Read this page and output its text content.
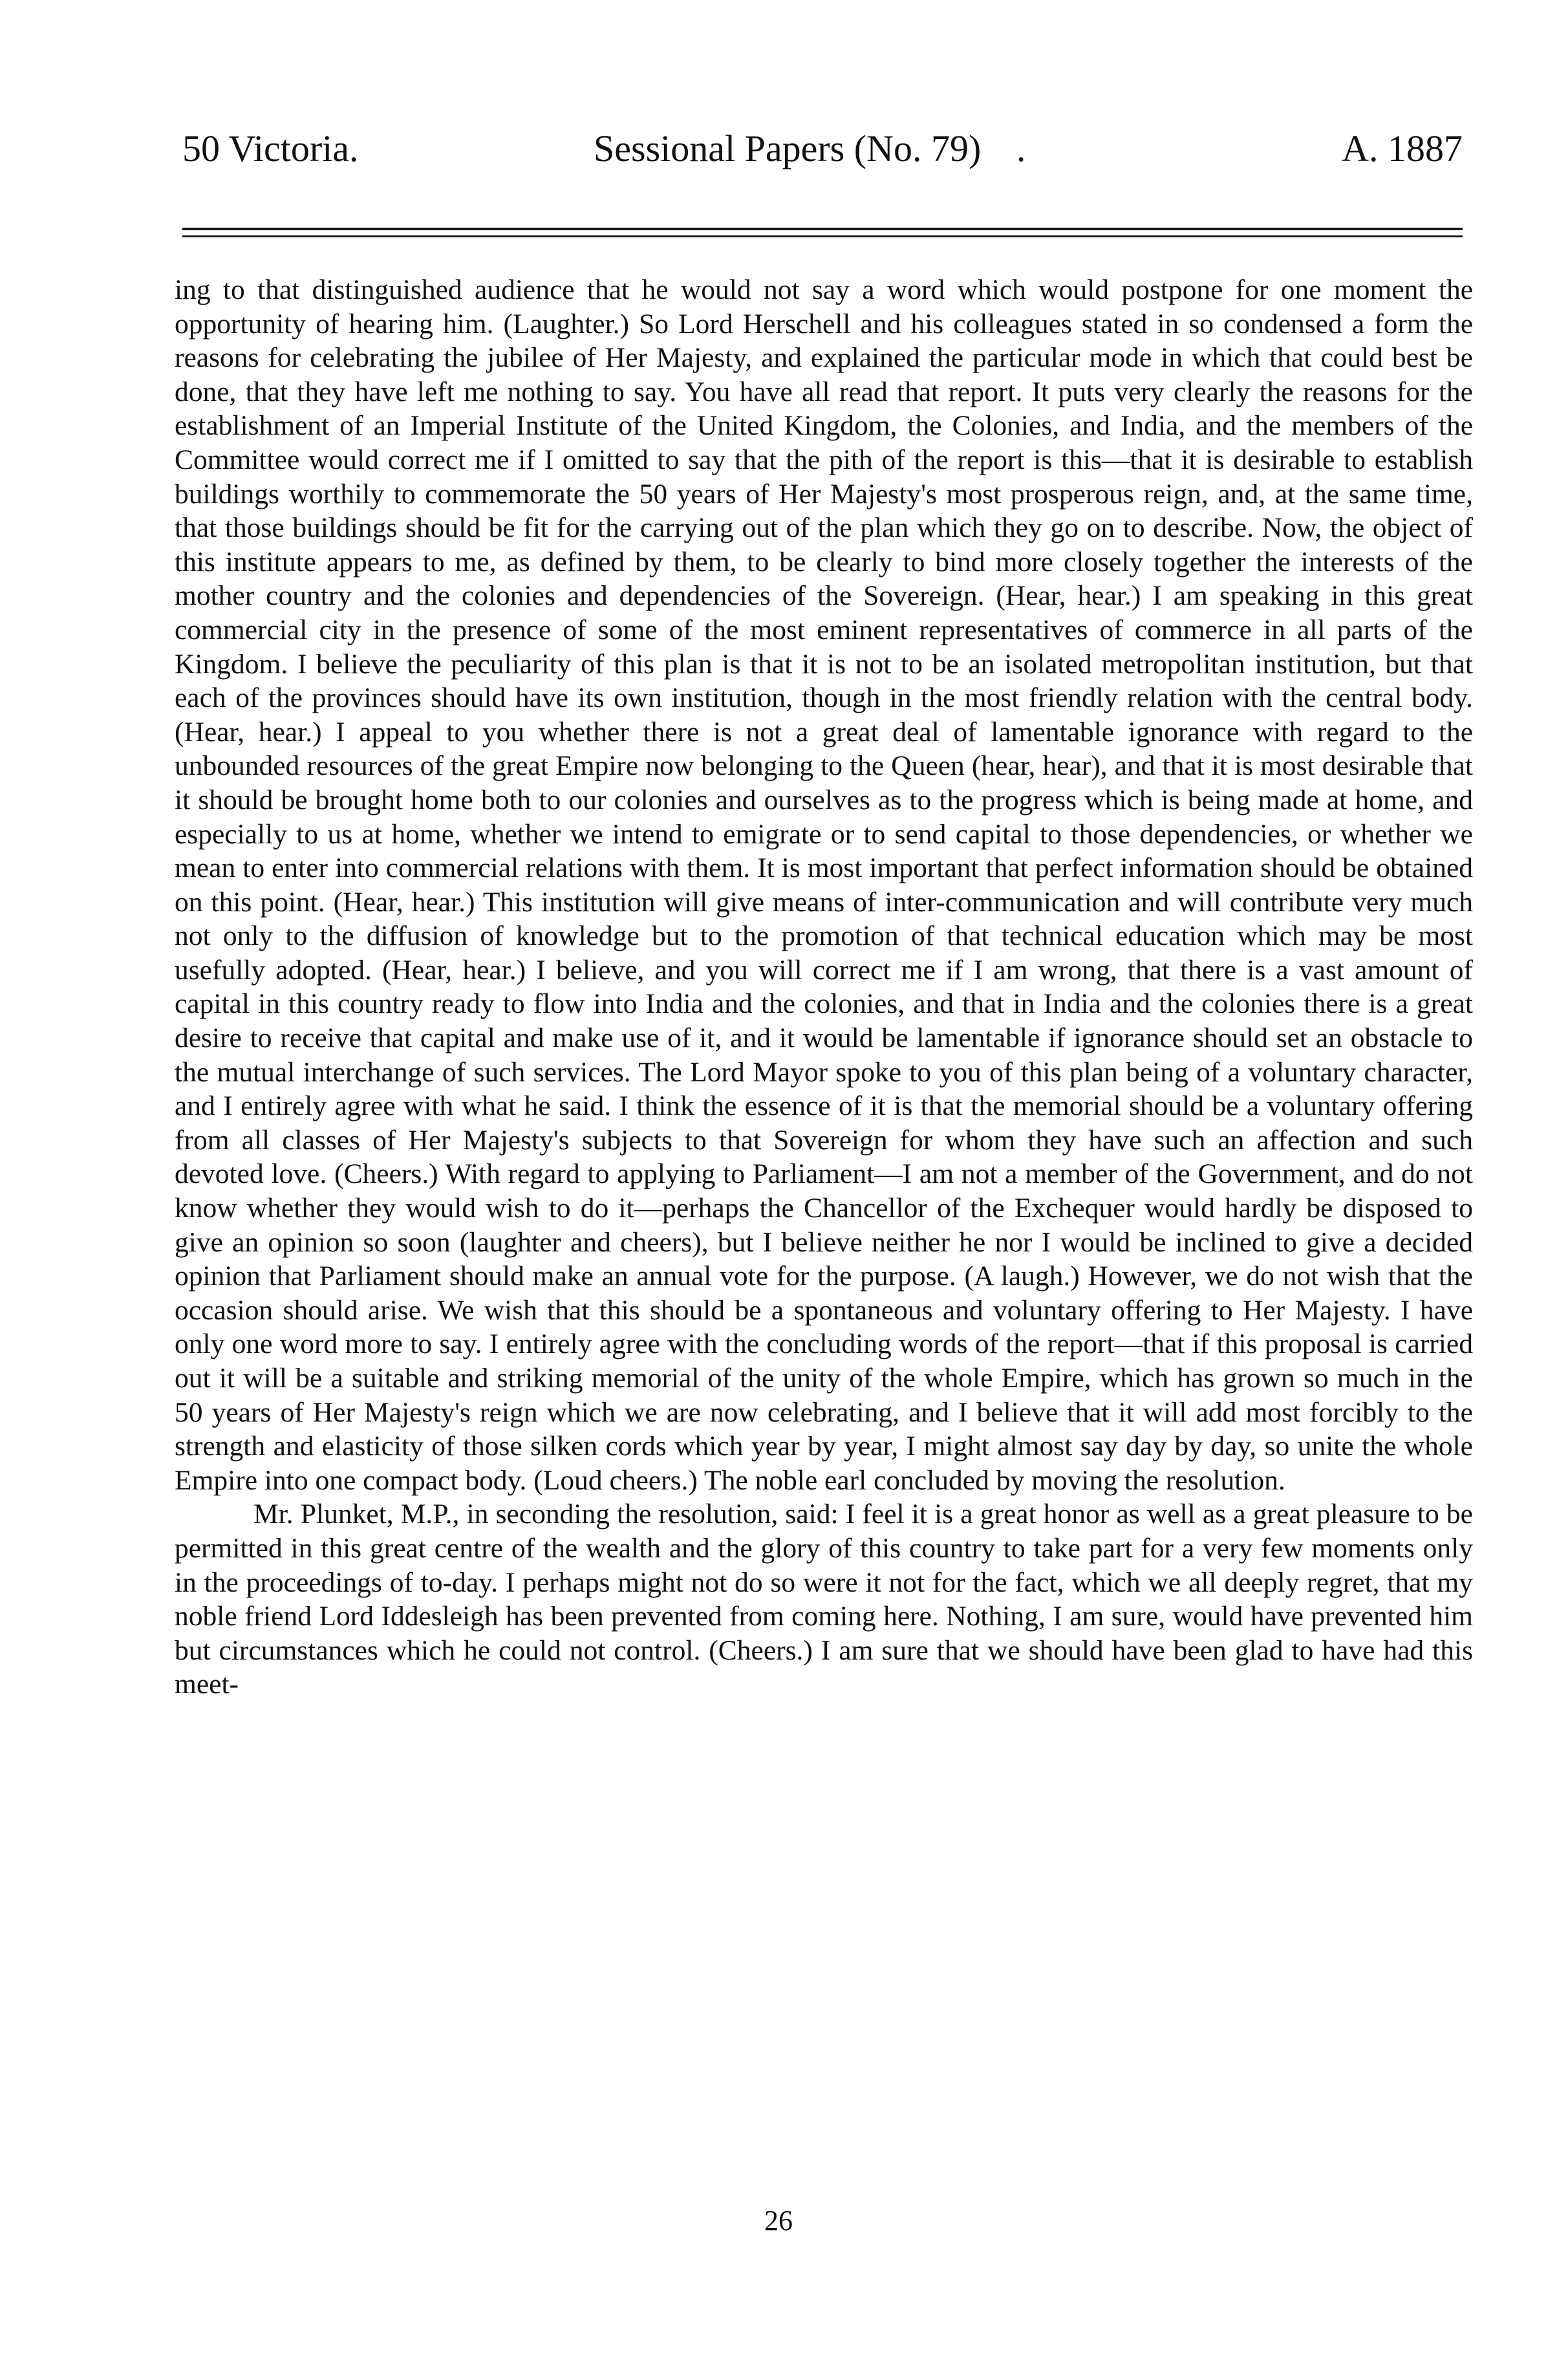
50 Victoria.	Sessional Papers (No. 79) .	A. 1887

ing to that distinguished audience that he would not say a word which would postpone for one moment the opportunity of hearing him. (Laughter.) So Lord Herschell and his colleagues stated in so condensed a form the reasons for celebrating the jubilee of Her Majesty, and explained the particular mode in which that could best be done, that they have left me nothing to say. You have all read that report. It puts very clearly the reasons for the establishment of an Imperial Institute of the United Kingdom, the Colonies, and India, and the members of the Committee would correct me if I omitted to say that the pith of the report is this—that it is desirable to establish buildings worthily to commemorate the 50 years of Her Majesty's most prosperous reign, and, at the same time, that those buildings should be fit for the carrying out of the plan which they go on to describe. Now, the object of this institute appears to me, as defined by them, to be clearly to bind more closely together the interests of the mother country and the colonies and dependencies of the Sovereign. (Hear, hear.) I am speaking in this great commercial city in the presence of some of the most eminent representatives of commerce in all parts of the Kingdom. I believe the peculiarity of this plan is that it is not to be an isolated metropolitan institution, but that each of the provinces should have its own institution, though in the most friendly relation with the central body. (Hear, hear.) I appeal to you whether there is not a great deal of lamentable ignorance with regard to the unbounded resources of the great Empire now belonging to the Queen (hear, hear), and that it is most desirable that it should be brought home both to our colonies and ourselves as to the progress which is being made at home, and especially to us at home, whether we intend to emigrate or to send capital to those dependencies, or whether we mean to enter into commercial relations with them. It is most important that perfect information should be obtained on this point. (Hear, hear.) This institution will give means of inter-communication and will contribute very much not only to the diffusion of knowledge but to the promotion of that technical education which may be most usefully adopted. (Hear, hear.) I believe, and you will correct me if I am wrong, that there is a vast amount of capital in this country ready to flow into India and the colonies, and that in India and the colonies there is a great desire to receive that capital and make use of it, and it would be lamentable if ignorance should set an obstacle to the mutual interchange of such services. The Lord Mayor spoke to you of this plan being of a voluntary character, and I entirely agree with what he said. I think the essence of it is that the memorial should be a voluntary offering from all classes of Her Majesty's subjects to that Sovereign for whom they have such an affection and such devoted love. (Cheers.) With regard to applying to Parliament—I am not a member of the Government, and do not know whether they would wish to do it—perhaps the Chancellor of the Exchequer would hardly be disposed to give an opinion so soon (laughter and cheers), but I believe neither he nor I would be inclined to give a decided opinion that Parliament should make an annual vote for the purpose. (A laugh.) However, we do not wish that the occasion should arise. We wish that this should be a spontaneous and voluntary offering to Her Majesty. I have only one word more to say. I entirely agree with the concluding words of the report—that if this proposal is carried out it will be a suitable and striking memorial of the unity of the whole Empire, which has grown so much in the 50 years of Her Majesty's reign which we are now celebrating, and I believe that it will add most forcibly to the strength and elasticity of those silken cords which year by year, I might almost say day by day, so unite the whole Empire into one compact body. (Loud cheers.) The noble earl concluded by moving the resolution.

Mr. Plunket, M.P., in seconding the resolution, said: I feel it is a great honor as well as a great pleasure to be permitted in this great centre of the wealth and the glory of this country to take part for a very few moments only in the proceedings of to-day. I perhaps might not do so were it not for the fact, which we all deeply regret, that my noble friend Lord Iddesleigh has been prevented from coming here. Nothing, I am sure, would have prevented him but circumstances which he could not control. (Cheers.) I am sure that we should have been glad to have had this meet-

26
